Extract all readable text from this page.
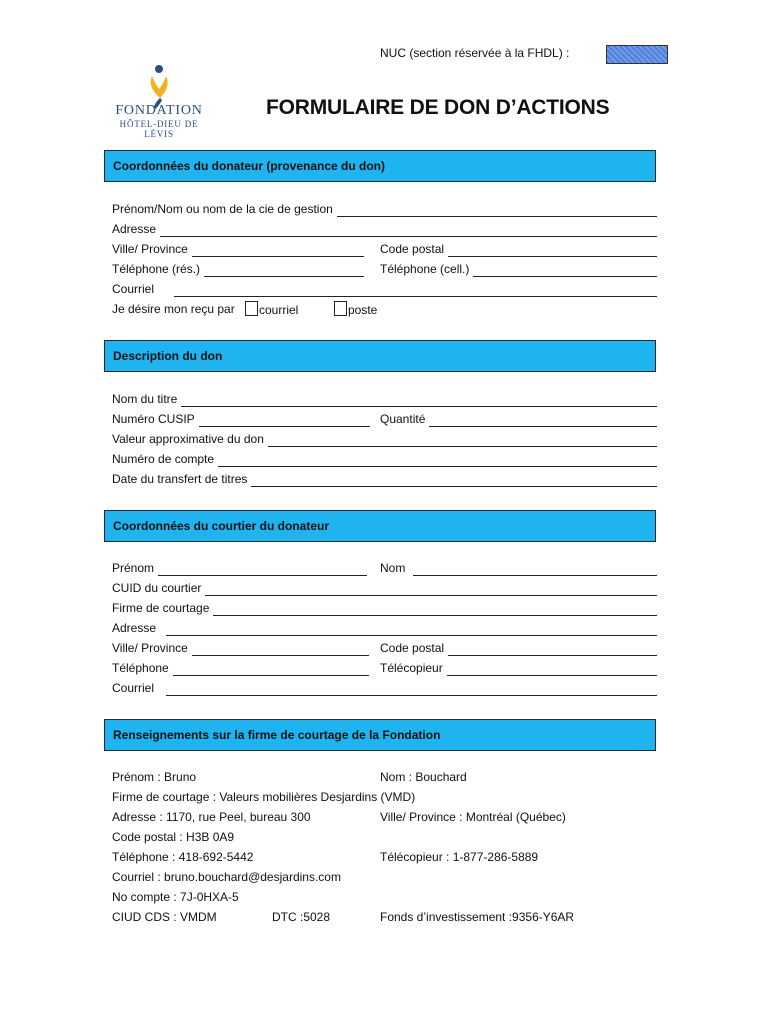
NUC (section réservée à la FHDL) :
FONDATION
HÔTEL-DIEU DE LÉVIS
FORMULAIRE DE DON D’ACTIONS
Coordonnées du donateur (provenance du don)
Prénom/Nom ou nom de la cie de gestion
Adresse
Ville/ Province	Code postal
Téléphone (rés.)	Téléphone (cell.)
Courriel
Je désire mon reçu par	courriel	poste
Description du don
Nom du titre
Numéro CUSIP	Quantité
Valeur approximative du don
Numéro de compte
Date du transfert de titres
Coordonnées du courtier du donateur
Prénom	Nom
CUID du courtier
Firme de courtage
Adresse
Ville/ Province	Code postal
Téléphone	Télécopieur
Courriel
Renseignements sur la firme de courtage de la Fondation
Prénom : Bruno	Nom : Bouchard
Firme de courtage : Valeurs mobilières Desjardins (VMD)
Adresse : 1170, rue Peel, bureau 300	Ville/ Province : Montréal (Québec)
Code postal : H3B 0A9
Téléphone : 418-692-5442	Télécopieur : 1-877-286-5889
Courriel : bruno.bouchard@desjardins.com
No compte : 7J-0HXA-5
CIUD CDS : VMDM	DTC :5028	Fonds d’investissement :9356-Y6AR
